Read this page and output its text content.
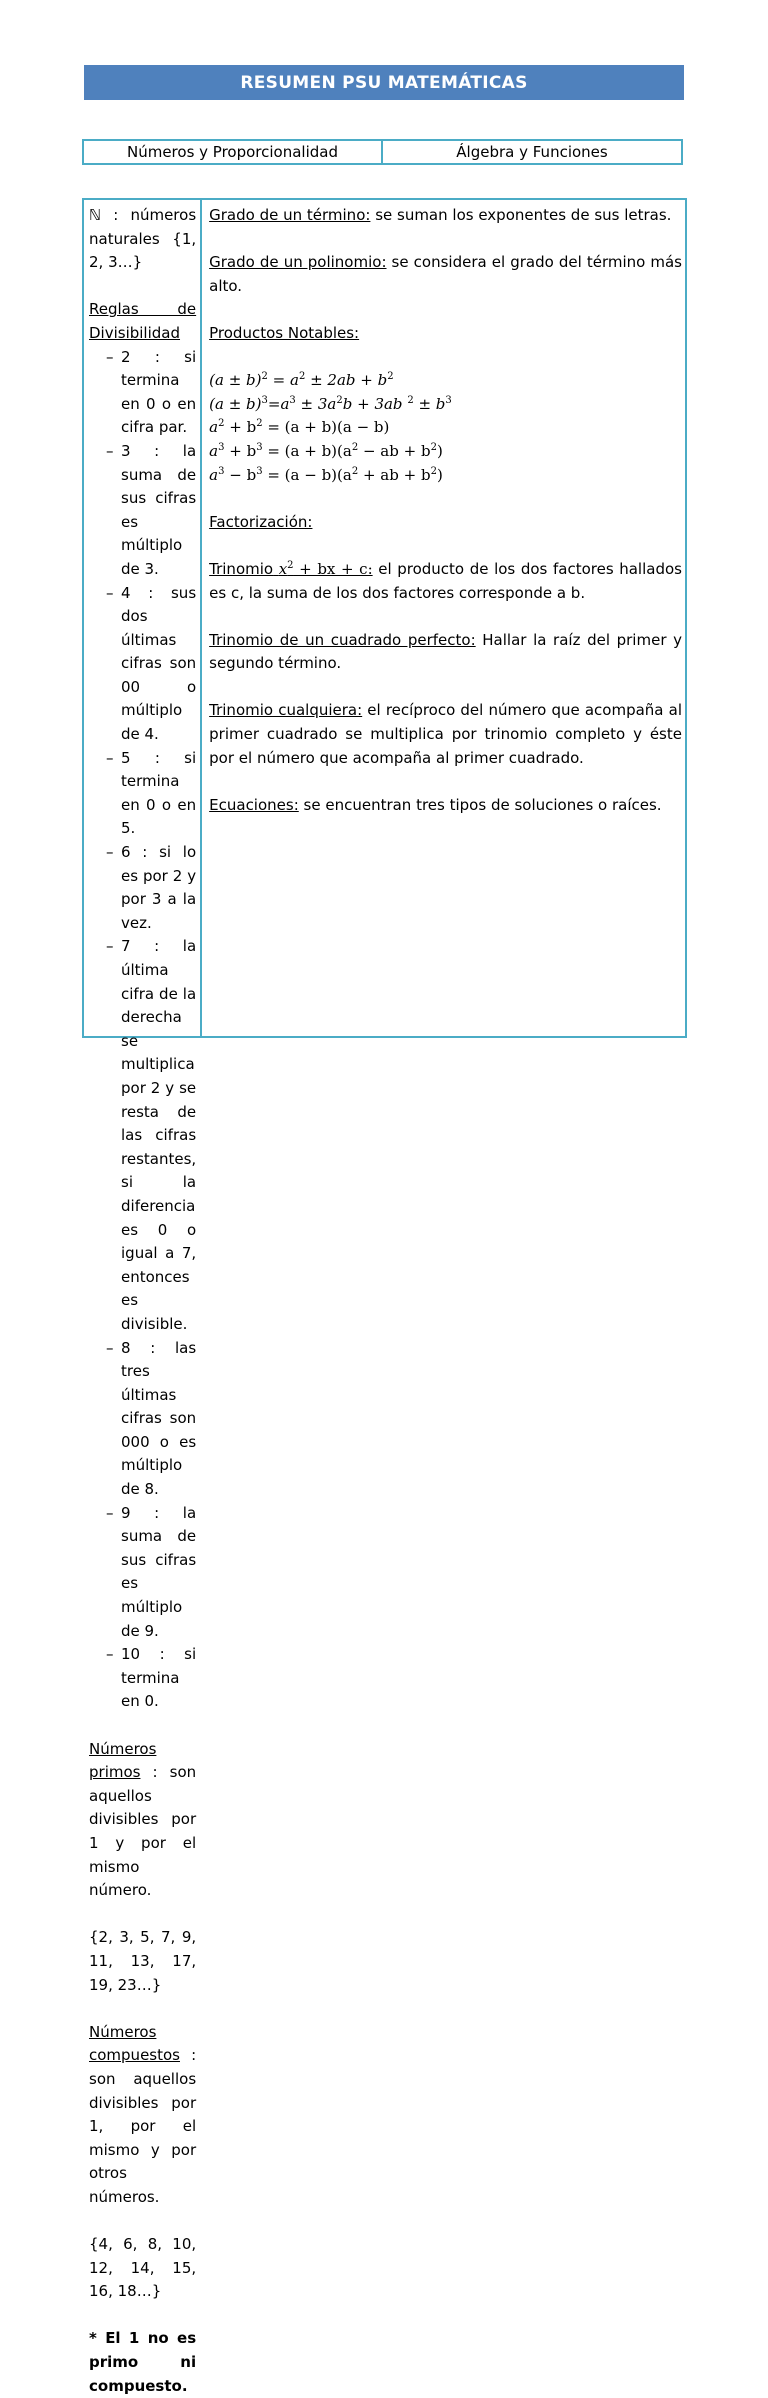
RESUMEN PSU MATEMÁTICAS
Números y Proporcionalidad	Álgebra y Funciones
ℕ : números naturales {1, 2, 3…}
Reglas de Divisibilidad
– 2 : si termina en 0 o en cifra par.
– 3 : la suma de sus cifras es múltiplo de 3.
– 4 : sus dos últimas cifras son 00 o múltiplo de 4.
– 5 : si termina en 0 o en 5.
– 6 : si lo es por 2 y por 3 a la vez.
– 7 : la última cifra de la derecha se multiplica por 2 y se resta de las cifras restantes, si la diferencia es 0 o igual a 7, entonces es divisible.
– 8 : las tres últimas cifras son 000 o es múltiplo de 8.
– 9 : la suma de sus cifras es múltiplo de 9.
– 10 : si termina en 0.
Números primos : son aquellos divisibles por 1 y por el mismo número.
{2, 3, 5, 7, 9, 11, 13, 17, 19, 23…}
Números compuestos : son aquellos divisibles por 1, por el mismo y por otros números.
{4, 6, 8, 10, 12, 14, 15, 16, 18…}
* El 1 no es primo ni compuesto.
Grado de un término: se suman los exponentes de sus letras.
Grado de un polinomio: se considera el grado del término más alto.
Productos Notables:
$(a \pm b)^2 = a^2 \pm 2ab + b^2$
$(a \pm b)^3=a^3 \pm 3a^2b + 3ab$ $^2 \pm b^3$
$a^2 + b^2 = (a + b)(a - b)$
$a^3 + b^3 = (a + b)(a^2$ − ab + $b^2$)
$a^3 - b^3 = (a - b)(a^2$ + ab + $b^2$)
Factorización:
Trinomio $x^2$ + bx + c: el producto de los dos factores hallados es c, la suma de los dos factores corresponde a b.
Trinomio de un cuadrado perfecto: Hallar la raíz del primer y segundo término.
Trinomio cualquiera: el recíproco del número que acompaña al primer cuadrado se multiplica por trinomio completo y éste por el número que acompaña al primer cuadrado.
Ecuaciones: se encuentran tres tipos de soluciones o raíces.
